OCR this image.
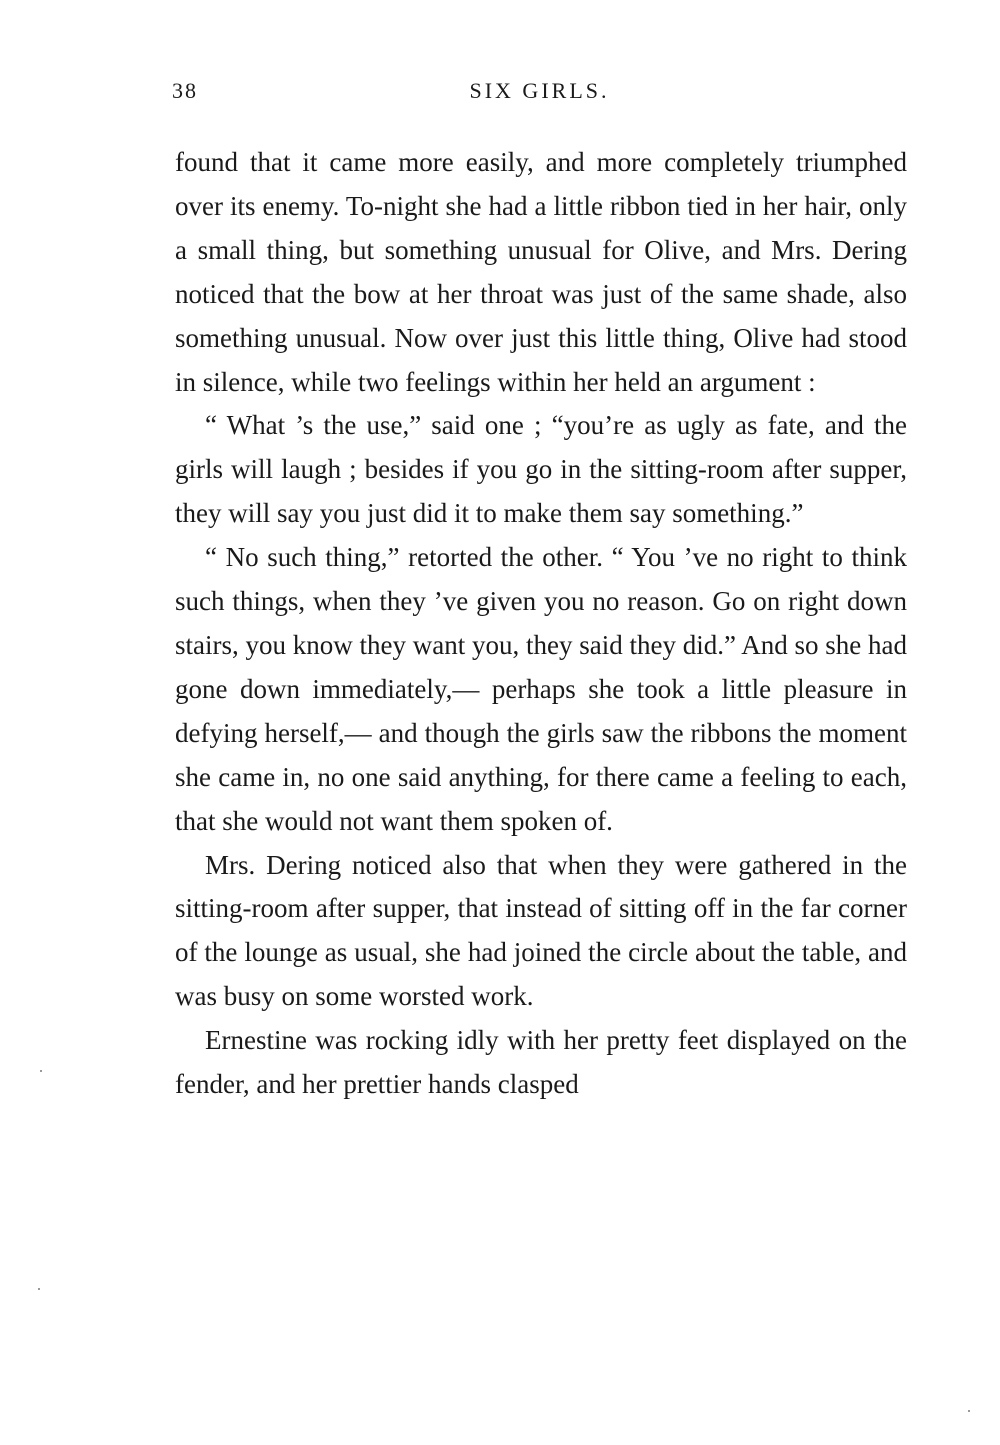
38	SIX GIRLS.

found that it came more easily, and more completely triumphed over its enemy. To-night she had a little ribbon tied in her hair, only a small thing, but something unusual for Olive, and Mrs. Dering noticed that the bow at her throat was just of the same shade, also something unusual. Now over just this little thing, Olive had stood in silence, while two feelings within her held an argument :

“ What ’s the use,” said one ; “you’re as ugly as fate, and the girls will laugh ; besides if you go in the sitting-room after supper, they will say you just did it to make them say something.”

“ No such thing,” retorted the other. “ You ’ve no right to think such things, when they ’ve given you no reason. Go on right down stairs, you know they want you, they said they did.” And so she had gone down immediately,— perhaps she took a little pleasure in defying herself,— and though the girls saw the ribbons the moment she came in, no one said anything, for there came a feeling to each, that she would not want them spoken of.

Mrs. Dering noticed also that when they were gathered in the sitting-room after supper, that instead of sitting off in the far corner of the lounge as usual, she had joined the circle about the table, and was busy on some worsted work.

Ernestine was rocking idly with her pretty feet displayed on the fender, and her prettier hands clasped
